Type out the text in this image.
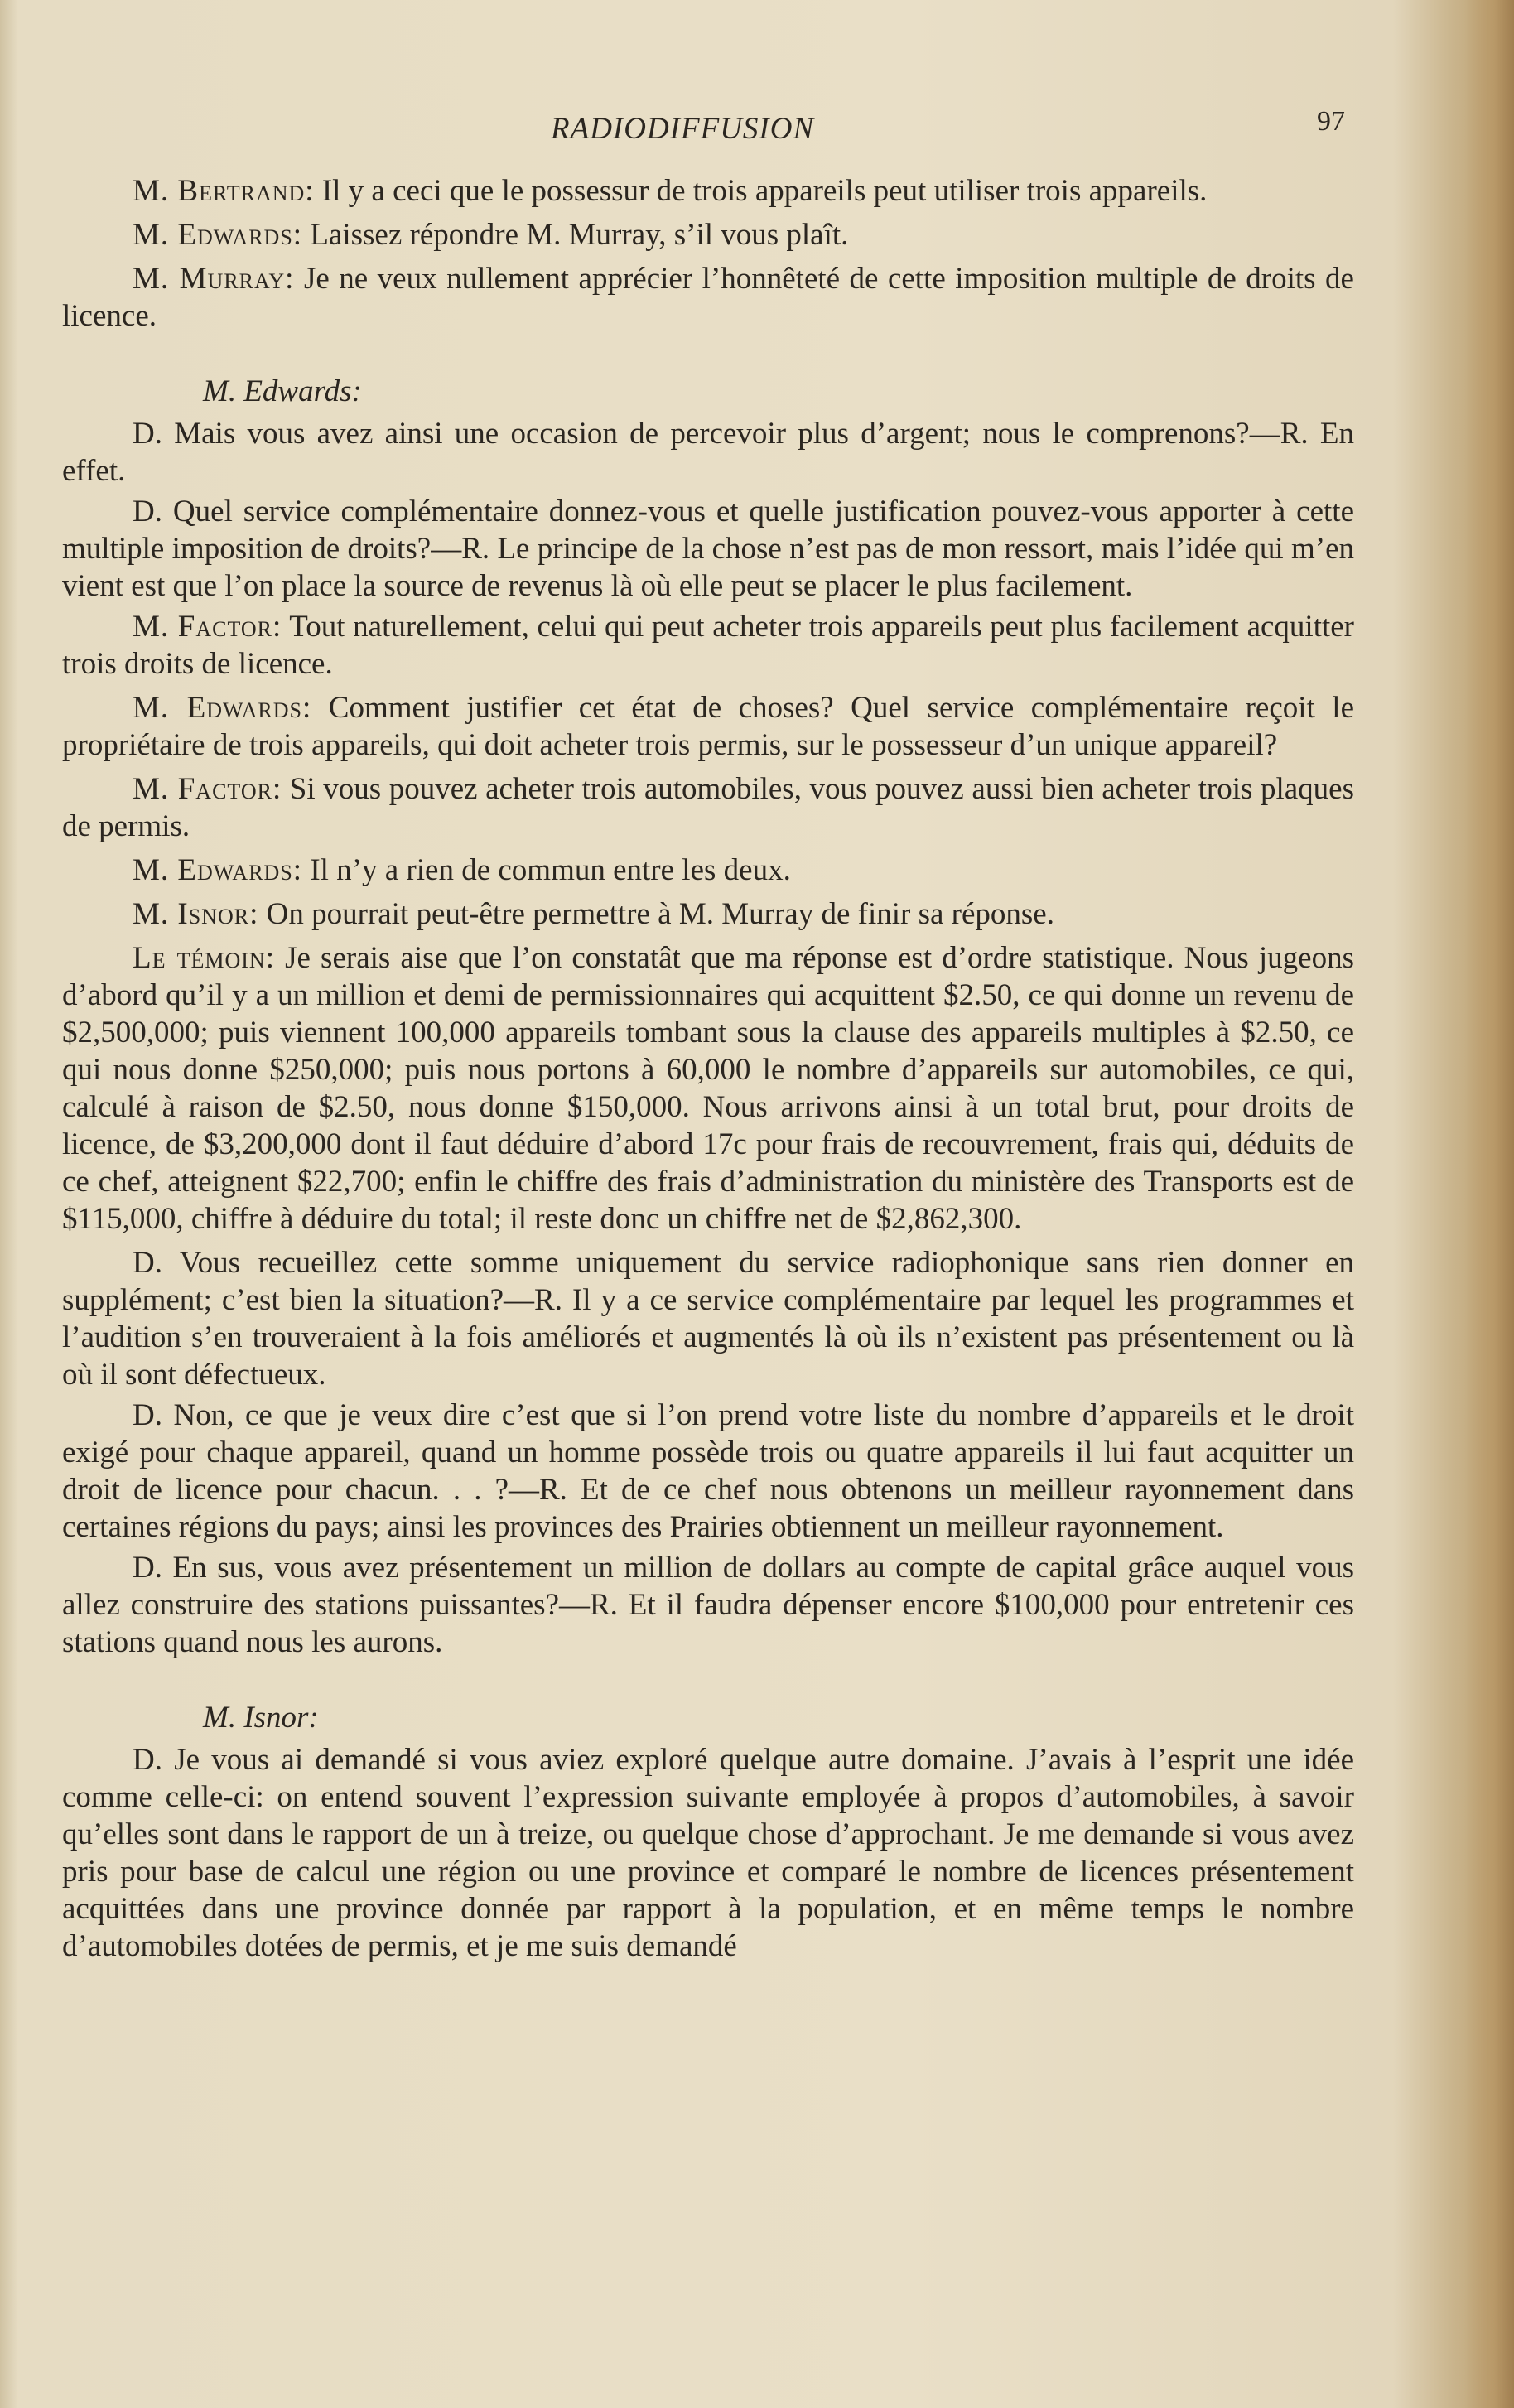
RADIODIFFUSION	97

M. Bertrand: Il y a ceci que le possessur de trois appareils peut utiliser trois appareils.

M. Edwards: Laissez répondre M. Murray, s’il vous plaît.

M. Murray: Je ne veux nullement apprécier l’honnêteté de cette imposition multiple de droits de licence.

M. Edwards:

D. Mais vous avez ainsi une occasion de percevoir plus d’argent; nous le comprenons?—R. En effet.

D. Quel service complémentaire donnez-vous et quelle justification pouvez-vous apporter à cette multiple imposition de droits?—R. Le principe de la chose n’est pas de mon ressort, mais l’idée qui m’en vient est que l’on place la source de revenus là où elle peut se placer le plus facilement.

M. Factor: Tout naturellement, celui qui peut acheter trois appareils peut plus facilement acquitter trois droits de licence.

M. Edwards: Comment justifier cet état de choses? Quel service complémentaire reçoit le propriétaire de trois appareils, qui doit acheter trois permis, sur le possesseur d’un unique appareil?

M. Factor: Si vous pouvez acheter trois automobiles, vous pouvez aussi bien acheter trois plaques de permis.

M. Edwards: Il n’y a rien de commun entre les deux.

M. Isnor: On pourrait peut-être permettre à M. Murray de finir sa réponse.

Le témoin: Je serais aise que l’on constatât que ma réponse est d’ordre statistique. Nous jugeons d’abord qu’il y a un million et demi de permissionnaires qui acquittent $2.50, ce qui donne un revenu de $2,500,000; puis viennent 100,000 appareils tombant sous la clause des appareils multiples à $2.50, ce qui nous donne $250,000; puis nous portons à 60,000 le nombre d’appareils sur automobiles, ce qui, calculé à raison de $2.50, nous donne $150,000. Nous arrivons ainsi à un total brut, pour droits de licence, de $3,200,000 dont il faut déduire d’abord 17c pour frais de recouvrement, frais qui, déduits de ce chef, atteignent $22,700; enfin le chiffre des frais d’administration du ministère des Transports est de $115,000, chiffre à déduire du total; il reste donc un chiffre net de $2,862,300.

D. Vous recueillez cette somme uniquement du service radiophonique sans rien donner en supplément; c’est bien la situation?—R. Il y a ce service complémentaire par lequel les programmes et l’audition s’en trouveraient à la fois améliorés et augmentés là où ils n’existent pas présentement ou là où il sont défectueux.

D. Non, ce que je veux dire c’est que si l’on prend votre liste du nombre d’appareils et le droit exigé pour chaque appareil, quand un homme possède trois ou quatre appareils il lui faut acquitter un droit de licence pour chacun. . . ?—R. Et de ce chef nous obtenons un meilleur rayonnement dans certaines régions du pays; ainsi les provinces des Prairies obtiennent un meilleur rayonnement.

D. En sus, vous avez présentement un million de dollars au compte de capital grâce auquel vous allez construire des stations puissantes?—R. Et il faudra dépenser encore $100,000 pour entretenir ces stations quand nous les aurons.

M. Isnor:

D. Je vous ai demandé si vous aviez exploré quelque autre domaine. J’avais à l’esprit une idée comme celle-ci: on entend souvent l’expression suivante employée à propos d’automobiles, à savoir qu’elles sont dans le rapport de un à treize, ou quelque chose d’approchant. Je me demande si vous avez pris pour base de calcul une région ou une province et comparé le nombre de licences présentement acquittées dans une province donnée par rapport à la population, et en même temps le nombre d’automobiles dotées de permis, et je me suis demandé
